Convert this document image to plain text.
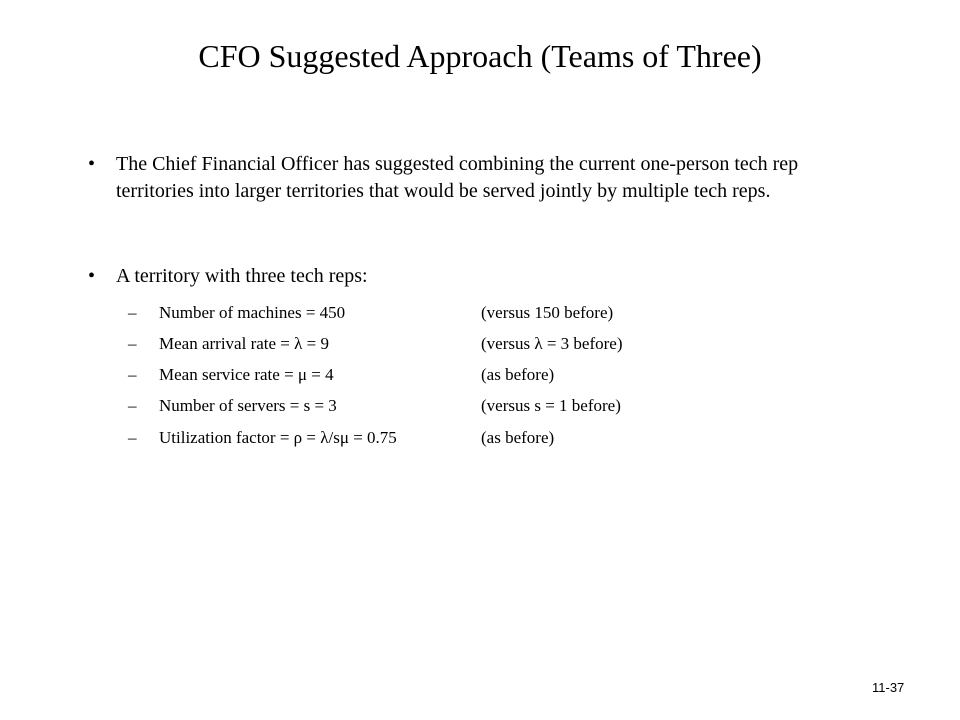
CFO Suggested Approach (Teams of Three)
• The Chief Financial Officer has suggested combining the current one-person tech rep territories into larger territories that would be served jointly by multiple tech reps.
• A territory with three tech reps:
– Number of machines = 450	(versus 150 before)
– Mean arrival rate = λ = 9	(versus λ = 3 before)
– Mean service rate = μ = 4	(as before)
– Number of servers = s = 3	(versus s = 1 before)
– Utilization factor = ρ = λ/sμ = 0.75	(as before)
11-37
